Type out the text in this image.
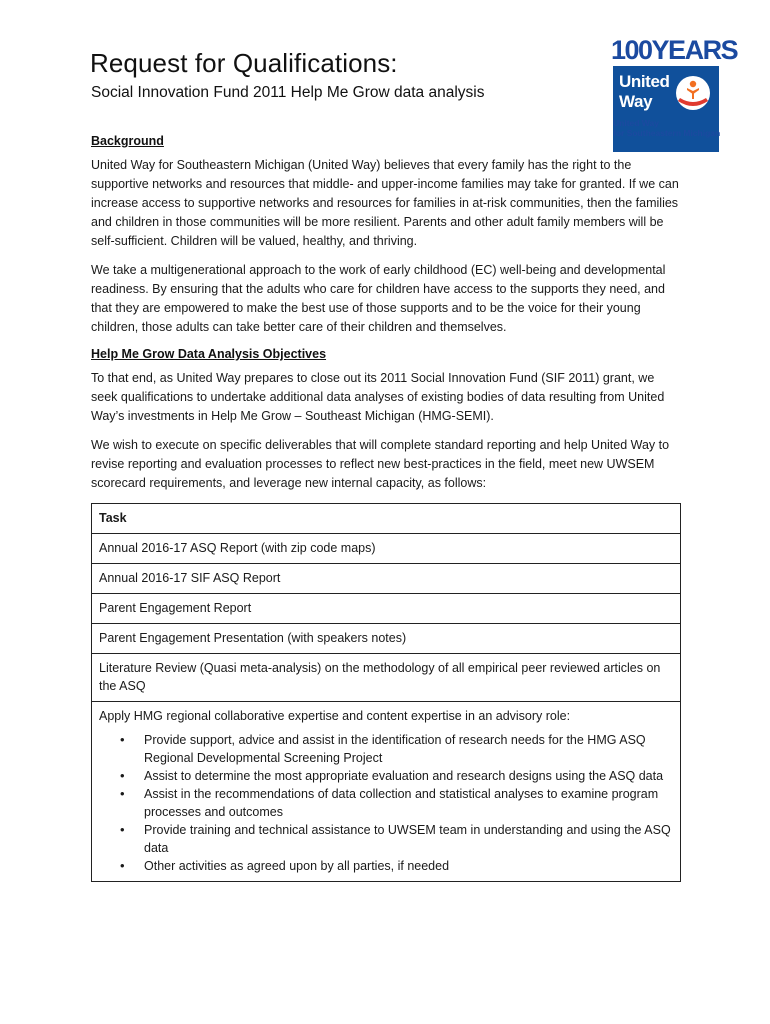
Request for Qualifications:
Social Innovation Fund 2011 Help Me Grow data analysis
100YEARS
United
Way
United Way
for Southeastern Michigan

Background

United Way for Southeastern Michigan (United Way) believes that every family has the right to the supportive networks and resources that middle- and upper-income families may take for granted. If we can increase access to supportive networks and resources for families in at-risk communities, then the families and children in those communities will be more resilient. Parents and other adult family members will be self-sufficient. Children will be valued, healthy, and thriving.

We take a multigenerational approach to the work of early childhood (EC) well-being and developmental readiness. By ensuring that the adults who care for children have access to the supports they need, and that they are empowered to make the best use of those supports and to be the voice for their young children, those adults can take better care of their children and themselves.

Help Me Grow Data Analysis Objectives

To that end, as United Way prepares to close out its 2011 Social Innovation Fund (SIF 2011) grant, we seek qualifications to undertake additional data analyses of existing bodies of data resulting from United Way’s investments in Help Me Grow – Southeast Michigan (HMG-SEMI).

We wish to execute on specific deliverables that will complete standard reporting and help United Way to revise reporting and evaluation processes to reflect new best-practices in the field, meet new UWSEM scorecard requirements, and leverage new internal capacity, as follows:

Task
Annual 2016-17 ASQ Report (with zip code maps)
Annual 2016-17 SIF ASQ Report
Parent Engagement Report
Parent Engagement Presentation (with speakers notes)
Literature Review (Quasi meta-analysis) on the methodology of all empirical peer reviewed articles on the ASQ

Apply HMG regional collaborative expertise and content expertise in an advisory role:
• Provide support, advice and assist in the identification of research needs for the HMG ASQ Regional Developmental Screening Project
• Assist to determine the most appropriate evaluation and research designs using the ASQ data
• Assist in the recommendations of data collection and statistical analyses to examine program processes and outcomes
• Provide training and technical assistance to UWSEM team in understanding and using the ASQ data
• Other activities as agreed upon by all parties, if needed
